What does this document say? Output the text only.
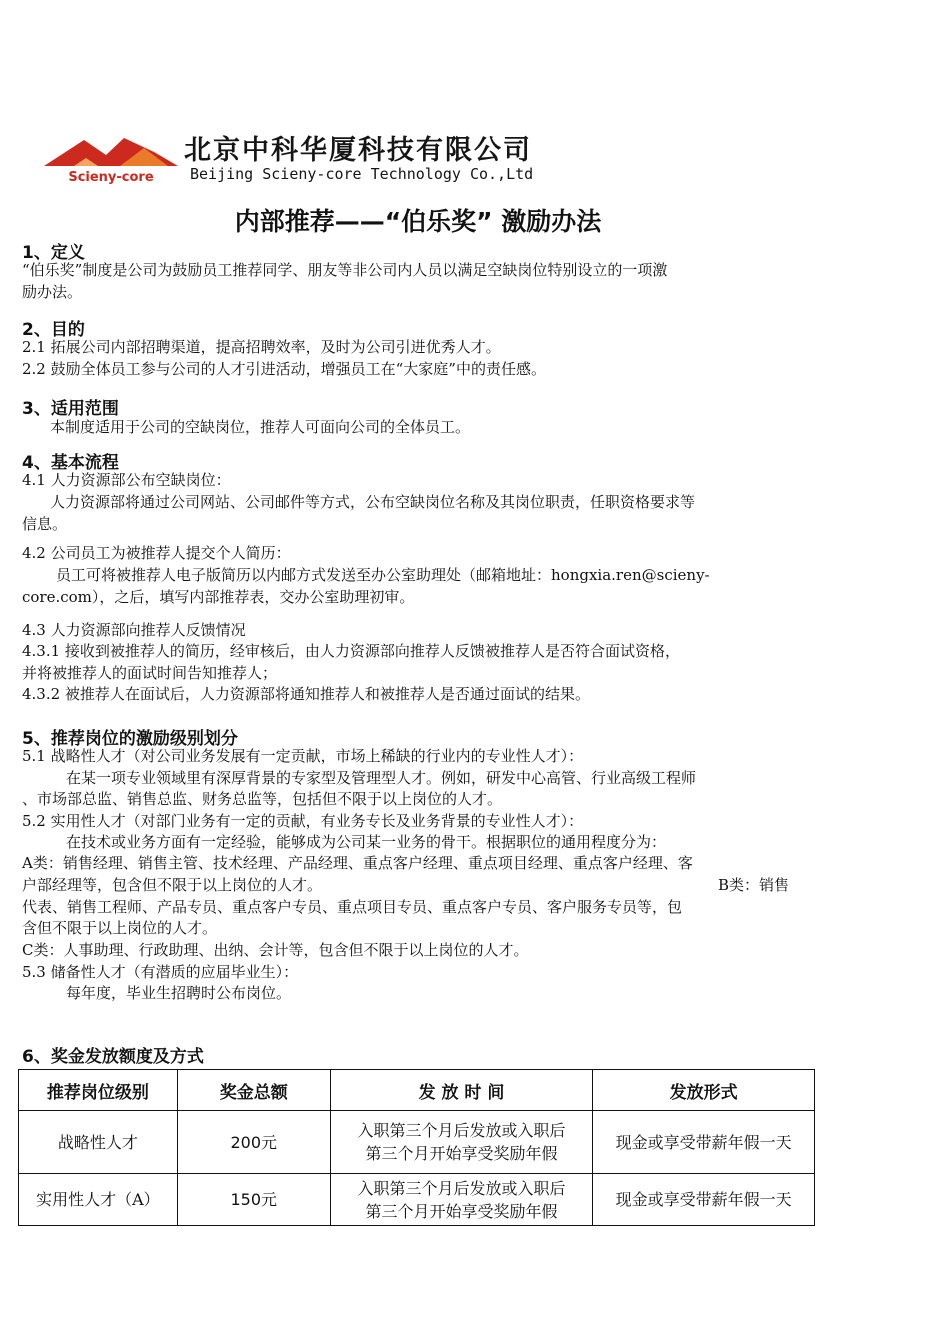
Scieny-core
北京中科华厦科技有限公司
Beijing Scieny-core Technology Co.,Ltd
内部推荐——“伯乐奖” 激励办法
1、定义
“伯乐奖”制度是公司为鼓励员工推荐同学、朋友等非公司内人员以满足空缺岗位特别设立的一项激
励办法。
2、目的
2.1 拓展公司内部招聘渠道，提高招聘效率，及时为公司引进优秀人才。
2.2 鼓励全体员工参与公司的人才引进活动，增强员工在“大家庭”中的责任感。
3、适用范围
本制度适用于公司的空缺岗位，推荐人可面向公司的全体员工。
4、基本流程
4.1 人力资源部公布空缺岗位：
人力资源部将通过公司网站、公司邮件等方式，公布空缺岗位名称及其岗位职责，任职资格要求等
信息。
4.2 公司员工为被推荐人提交个人简历：
员工可将被推荐人电子版简历以内邮方式发送至办公室助理处（邮箱地址：hongxia.ren@scieny-
core.com），之后，填写内部推荐表，交办公室助理初审。
4.3 人力资源部向推荐人反馈情况
4.3.1 接收到被推荐人的简历，经审核后，由人力资源部向推荐人反馈被推荐人是否符合面试资格，
并将被推荐人的面试时间告知推荐人；
4.3.2 被推荐人在面试后，人力资源部将通知推荐人和被推荐人是否通过面试的结果。
5、推荐岗位的激励级别划分
5.1 战略性人才（对公司业务发展有一定贡献，市场上稀缺的行业内的专业性人才）：
在某一项专业领域里有深厚背景的专家型及管理型人才。例如，研发中心高管、行业高级工程师
、市场部总监、销售总监、财务总监等，包括但不限于以上岗位的人才。
5.2 实用性人才（对部门业务有一定的贡献，有业务专长及业务背景的专业性人才）：
在技术或业务方面有一定经验，能够成为公司某一业务的骨干。根据职位的通用程度分为：
A类：销售经理、销售主管、技术经理、产品经理、重点客户经理、重点项目经理、重点客户经理、客
户部经理等，包含但不限于以上岗位的人才。	B类：销售
代表、销售工程师、产品专员、重点客户专员、重点项目专员、重点客户专员、客户服务专员等，包
含但不限于以上岗位的人才。
C类：人事助理、行政助理、出纳、会计等，包含但不限于以上岗位的人才。
5.3 储备性人才（有潜质的应届毕业生）：
每年度，毕业生招聘时公布岗位。
6、奖金发放额度及方式
推荐岗位级别	奖金总额	发 放 时 间	发放形式
战略性人才	200元	入职第三个月后发放或入职后
第三个月开始享受奖励年假	现金或享受带薪年假一天
实用性人才（A）	150元	入职第三个月后发放或入职后
第三个月开始享受奖励年假	现金或享受带薪年假一天
